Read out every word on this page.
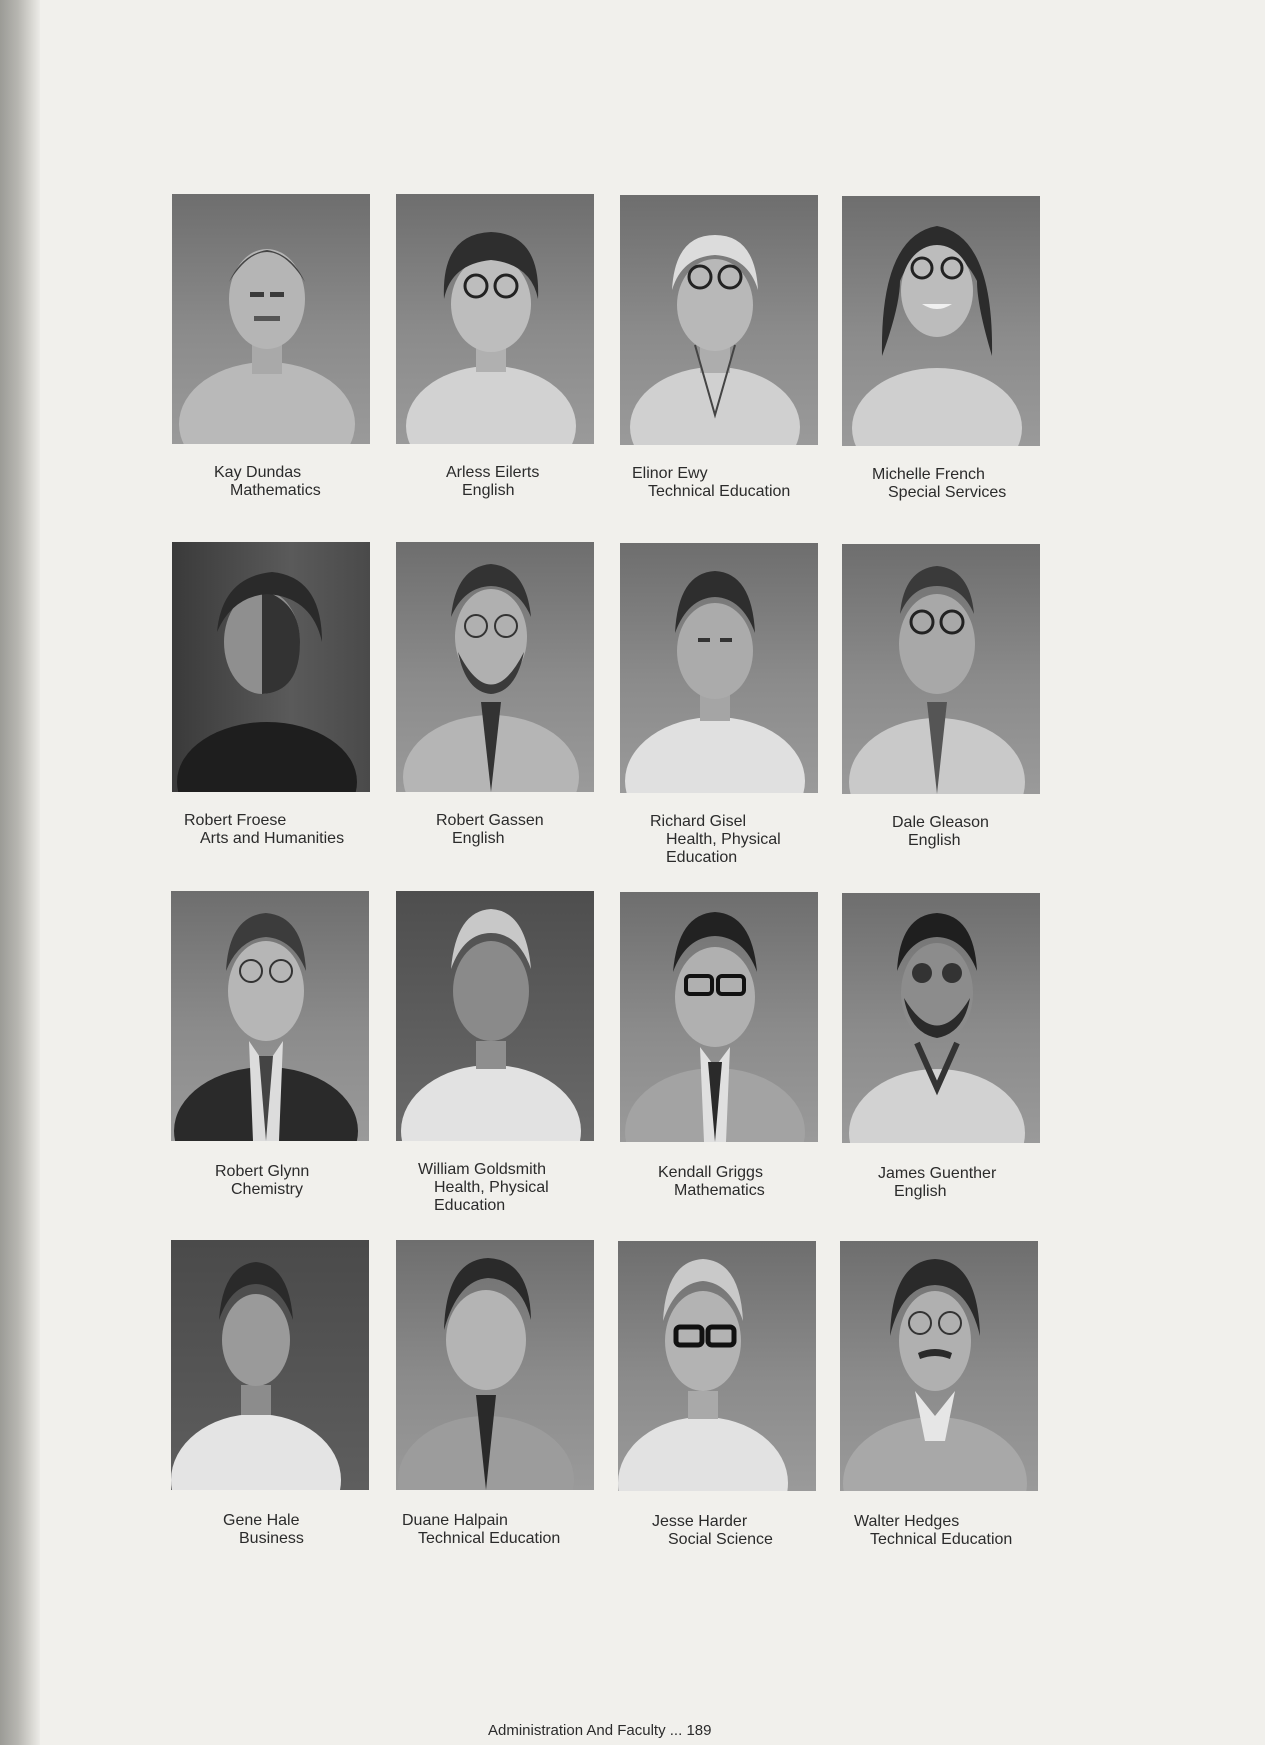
Kay Dundas
Mathematics
Arless Eilerts
English
Elinor Ewy
Technical Education
Michelle French
Special Services
Robert Froese
Arts and Humanities
Robert Gassen
English
Richard Gisel
Health, Physical
Education
Dale Gleason
English
Robert Glynn
Chemistry
William Goldsmith
Health, Physical
Education
Kendall Griggs
Mathematics
James Guenther
English
Gene Hale
Business
Duane Halpain
Technical Education
Jesse Harder
Social Science
Walter Hedges
Technical Education
Administration And Faculty ... 189
